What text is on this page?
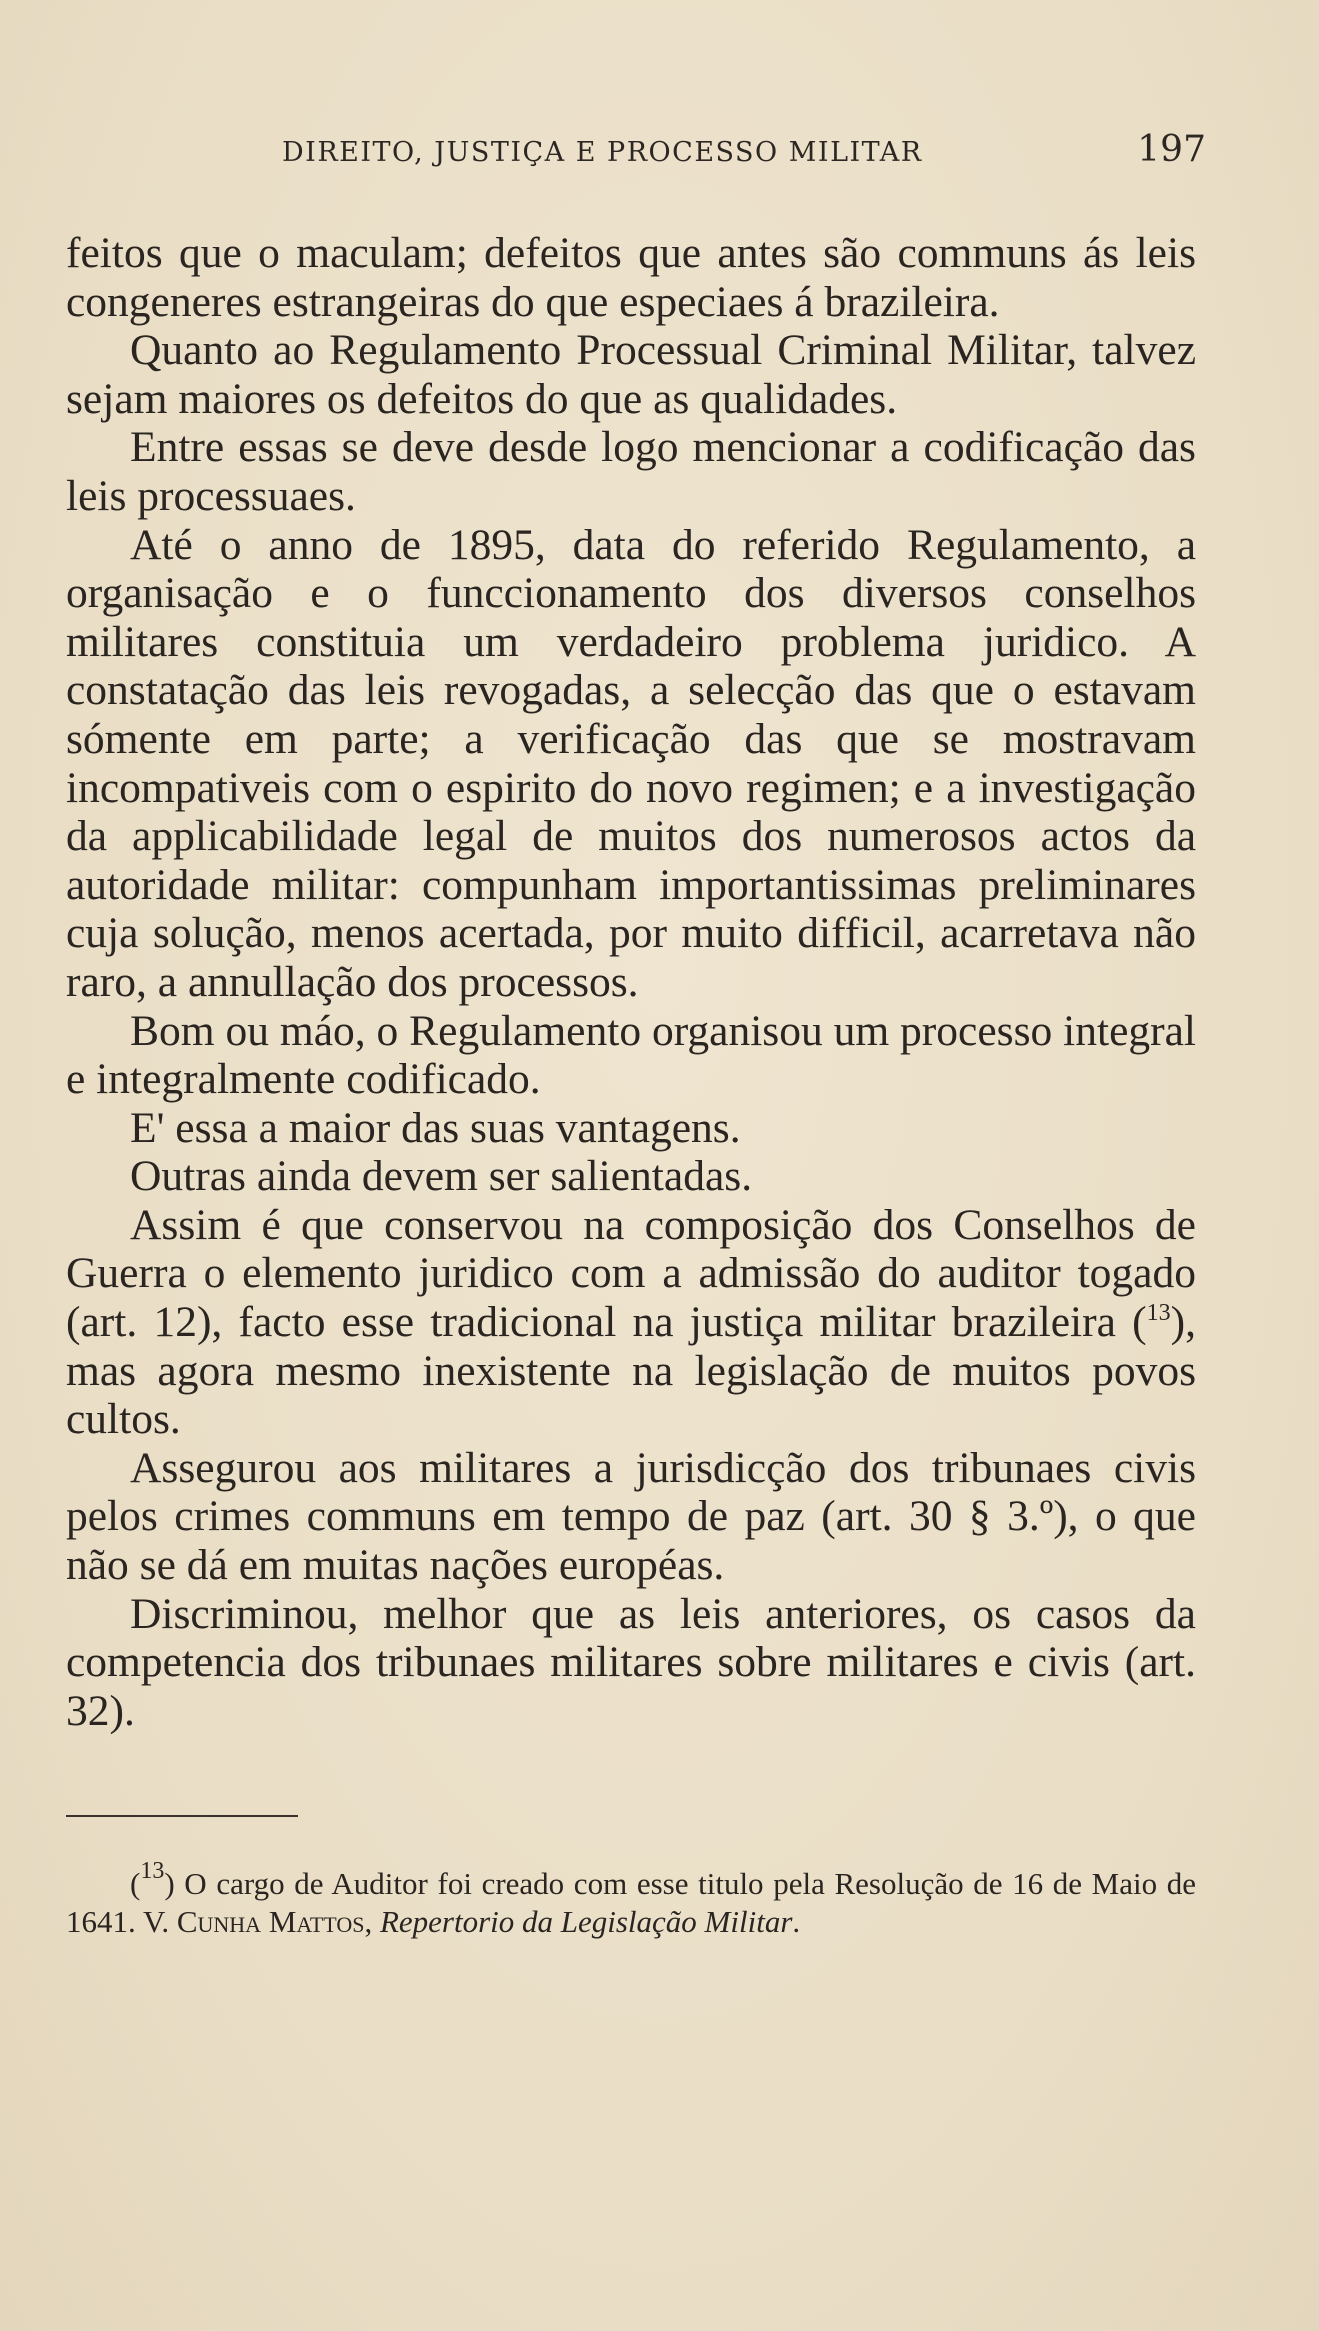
DIREITO, JUSTIÇA E PROCESSO MILITAR	197

feitos que o maculam; defeitos que antes são communs ás leis congeneres estrangeiras do que especiaes á brazileira.

Quanto ao Regulamento Processual Criminal Militar, talvez sejam maiores os defeitos do que as qualidades.

Entre essas se deve desde logo mencionar a codificação das leis processuaes.

Até o anno de 1895, data do referido Regulamento, a organisação e o funccionamento dos diversos conselhos militares constituia um verdadeiro problema juridico. A constatação das leis revogadas, a selecção das que o estavam sómente em parte; a verificação das que se mostravam incompativeis com o espirito do novo regimen; e a investigação da applicabilidade legal de muitos dos numerosos actos da autoridade militar: compunham importantissimas preliminares cuja solução, menos acertada, por muito difficil, acarretava não raro, a annullação dos processos.

Bom ou máo, o Regulamento organisou um processo integral e integralmente codificado.

E' essa a maior das suas vantagens.

Outras ainda devem ser salientadas.

Assim é que conservou na composição dos Conselhos de Guerra o elemento juridico com a admissão do auditor togado (art. 12), facto esse tradicional na justiça militar brazileira ($^{13}$), mas agora mesmo inexistente na legislação de muitos povos cultos.

Assegurou aos militares a jurisdicção dos tribunaes civis pelos crimes communs em tempo de paz (art. 30 § 3.º), o que não se dá em muitas nações européas.

Discriminou, melhor que as leis anteriores, os casos da competencia dos tribunaes militares sobre militares e civis (art. 32).

($^{13}$) O cargo de Auditor foi creado com esse titulo pela Resolução de 16 de Maio de 1641. V. Cunha Mattos, Repertorio da Legislação Militar.
